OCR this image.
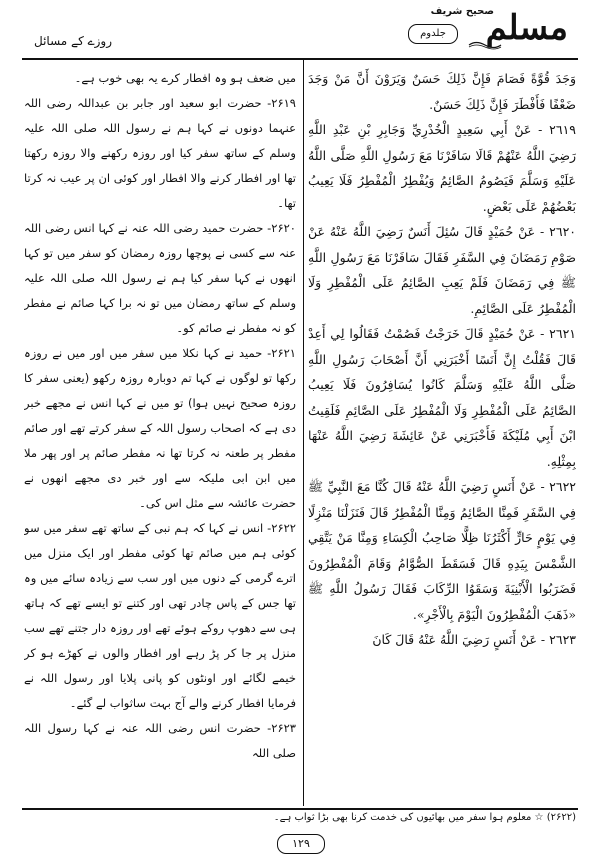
روزے کے مسائل	مسلم
صحیح شریف
جلدوم

وَجَدَ قُوَّةً فَصَامَ فَإِنَّ ذَلِكَ حَسَنٌ وَيَرَوْنَ أَنَّ مَنْ وَجَدَ ضَعْفًا فَأَفْطَرَ فَإِنَّ ذَلِكَ حَسَنٌ.

٢٦١٩ - عَنْ أَبِي سَعِيدٍ الْخُدْرِيِّ وَجَابِرِ بْنِ عَبْدِ اللَّهِ رَضِيَ اللَّهُ عَنْهُمْ قَالَا سَافَرْنَا مَعَ رَسُولِ اللَّهِ صَلَّى اللَّهُ عَلَيْهِ وَسَلَّمَ فَيَصُومُ الصَّائِمُ وَيُفْطِرُ الْمُفْطِرُ فَلَا يَعِيبُ بَعْضُهُمْ عَلَى بَعْضٍ.

٢٦٢٠ - عَنْ حُمَيْدٍ قَالَ سُئِلَ أَنَسٌ رَضِيَ اللَّهُ عَنْهُ عَنْ صَوْمِ رَمَضَانَ فِي السَّفَرِ فَقَالَ سَافَرْنَا مَعَ رَسُولِ اللَّهِ ﷺ فِي رَمَضَانَ فَلَمْ يَعِبِ الصَّائِمُ عَلَى الْمُفْطِرِ وَلَا الْمُفْطِرُ عَلَى الصَّائِمِ.

٢٦٢١ - عَنْ حُمَيْدٍ قَالَ خَرَجْتُ فَصُمْتُ فَقَالُوا لِي أَعِدْ قَالَ فَقُلْتُ إِنَّ أَنَسًا أَخْبَرَنِي أَنَّ أَصْحَابَ رَسُولِ اللَّهِ صَلَّى اللَّهُ عَلَيْهِ وَسَلَّمَ كَانُوا يُسَافِرُونَ فَلَا يَعِيبُ الصَّائِمُ عَلَى الْمُفْطِرِ وَلَا الْمُفْطِرُ عَلَى الصَّائِمِ فَلَقِيتُ ابْنَ أَبِي مُلَيْكَةَ فَأَخْبَرَنِي عَنْ عَائِشَةَ رَضِيَ اللَّهُ عَنْهَا بِمِثْلِهِ.

٢٦٢٢ - عَنْ أَنَسٍ رَضِيَ اللَّهُ عَنْهُ قَالَ كُنَّا مَعَ النَّبِيِّ ﷺ فِي السَّفَرِ فَمِنَّا الصَّائِمُ وَمِنَّا الْمُفْطِرُ قَالَ فَنَزَلْنَا مَنْزِلًا فِي يَوْمٍ حَارٍّ أَكْثَرُنَا ظِلًّا صَاحِبُ الْكِسَاءِ وَمِنَّا مَنْ يَتَّقِي الشَّمْسَ بِيَدِهِ قَالَ فَسَقَطَ الصُّوَّامُ وَقَامَ الْمُفْطِرُونَ فَضَرَبُوا الْأَبْنِيَةَ وَسَقَوُا الرِّكَابَ فَقَالَ رَسُولُ اللَّهِ ﷺ «ذَهَبَ الْمُفْطِرُونَ الْيَوْمَ بِالْأَجْرِ».

٢٦٢٣ - عَنْ أَنَسٍ رَضِيَ اللَّهُ عَنْهُ قَالَ كَانَ

میں ضعف ہو وہ افطار کرے یہ بھی خوب ہے۔

۲۶۱۹- حضرت ابو سعید اور جابر بن عبداللہ رضی اللہ عنہما دونوں نے کہا ہم نے رسول اللہ صلی اللہ علیہ وسلم کے ساتھ سفر کیا اور روزہ رکھنے والا روزہ رکھتا تھا اور افطار کرنے والا افطار اور کوئی ان پر عیب نہ کرتا تھا۔

۲۶۲۰- حضرت حمید رضی اللہ عنہ نے کہا انس رضی اللہ عنہ سے کسی نے پوچھا روزہ رمضان کو سفر میں تو کہا انھوں نے کہا سفر کیا ہم نے رسول اللہ صلی اللہ علیہ وسلم کے ساتھ رمضان میں تو نہ برا کہا صائم نے مفطر کو نہ مفطر نے صائم کو۔

۲۶۲۱- حمید نے کہا نکلا میں سفر میں اور میں نے روزہ رکھا تو لوگوں نے کہا تم دوبارہ روزہ رکھو (یعنی سفر کا روزہ صحیح نہیں ہوا) تو میں نے کہا انس نے مجھے خبر دی ہے کہ اصحاب رسول اللہ کے سفر کرتے تھے اور صائم مفطر پر طعنہ نہ کرتا تھا نہ مفطر صائم پر اور پھر ملا میں ابن ابی ملیکہ سے اور خبر دی مجھے انھوں نے حضرت عائشہ سے مثل اس کی۔

۲۶۲۲- انس نے کہا کہ ہم نبی کے ساتھ تھے سفر میں سو کوئی ہم میں صائم تھا کوئی مفطر اور ایک منزل میں اترے گرمی کے دنوں میں اور سب سے زیادہ سائے میں وہ تھا جس کے پاس چادر تھی اور کتنے تو ایسے تھے کہ ہاتھ ہی سے دھوپ روکے ہوئے تھے اور روزہ دار جتنے تھے سب منزل پر جا کر پڑ رہے اور افطار والوں نے کھڑے ہو کر خیمے لگائے اور اونٹوں کو پانی پلایا اور رسول اللہ نے فرمایا افطار کرنے والے آج بہت ساثواب لے گئے۔

۲۶۲۳- حضرت انس رضی اللہ عنہ نے کہا رسول اللہ صلی اللہ

(۲۶۲۲) ☆ معلوم ہوا سفر میں بھائیوں کی خدمت کرنا بھی بڑا ثواب ہے۔
۱۲۹
